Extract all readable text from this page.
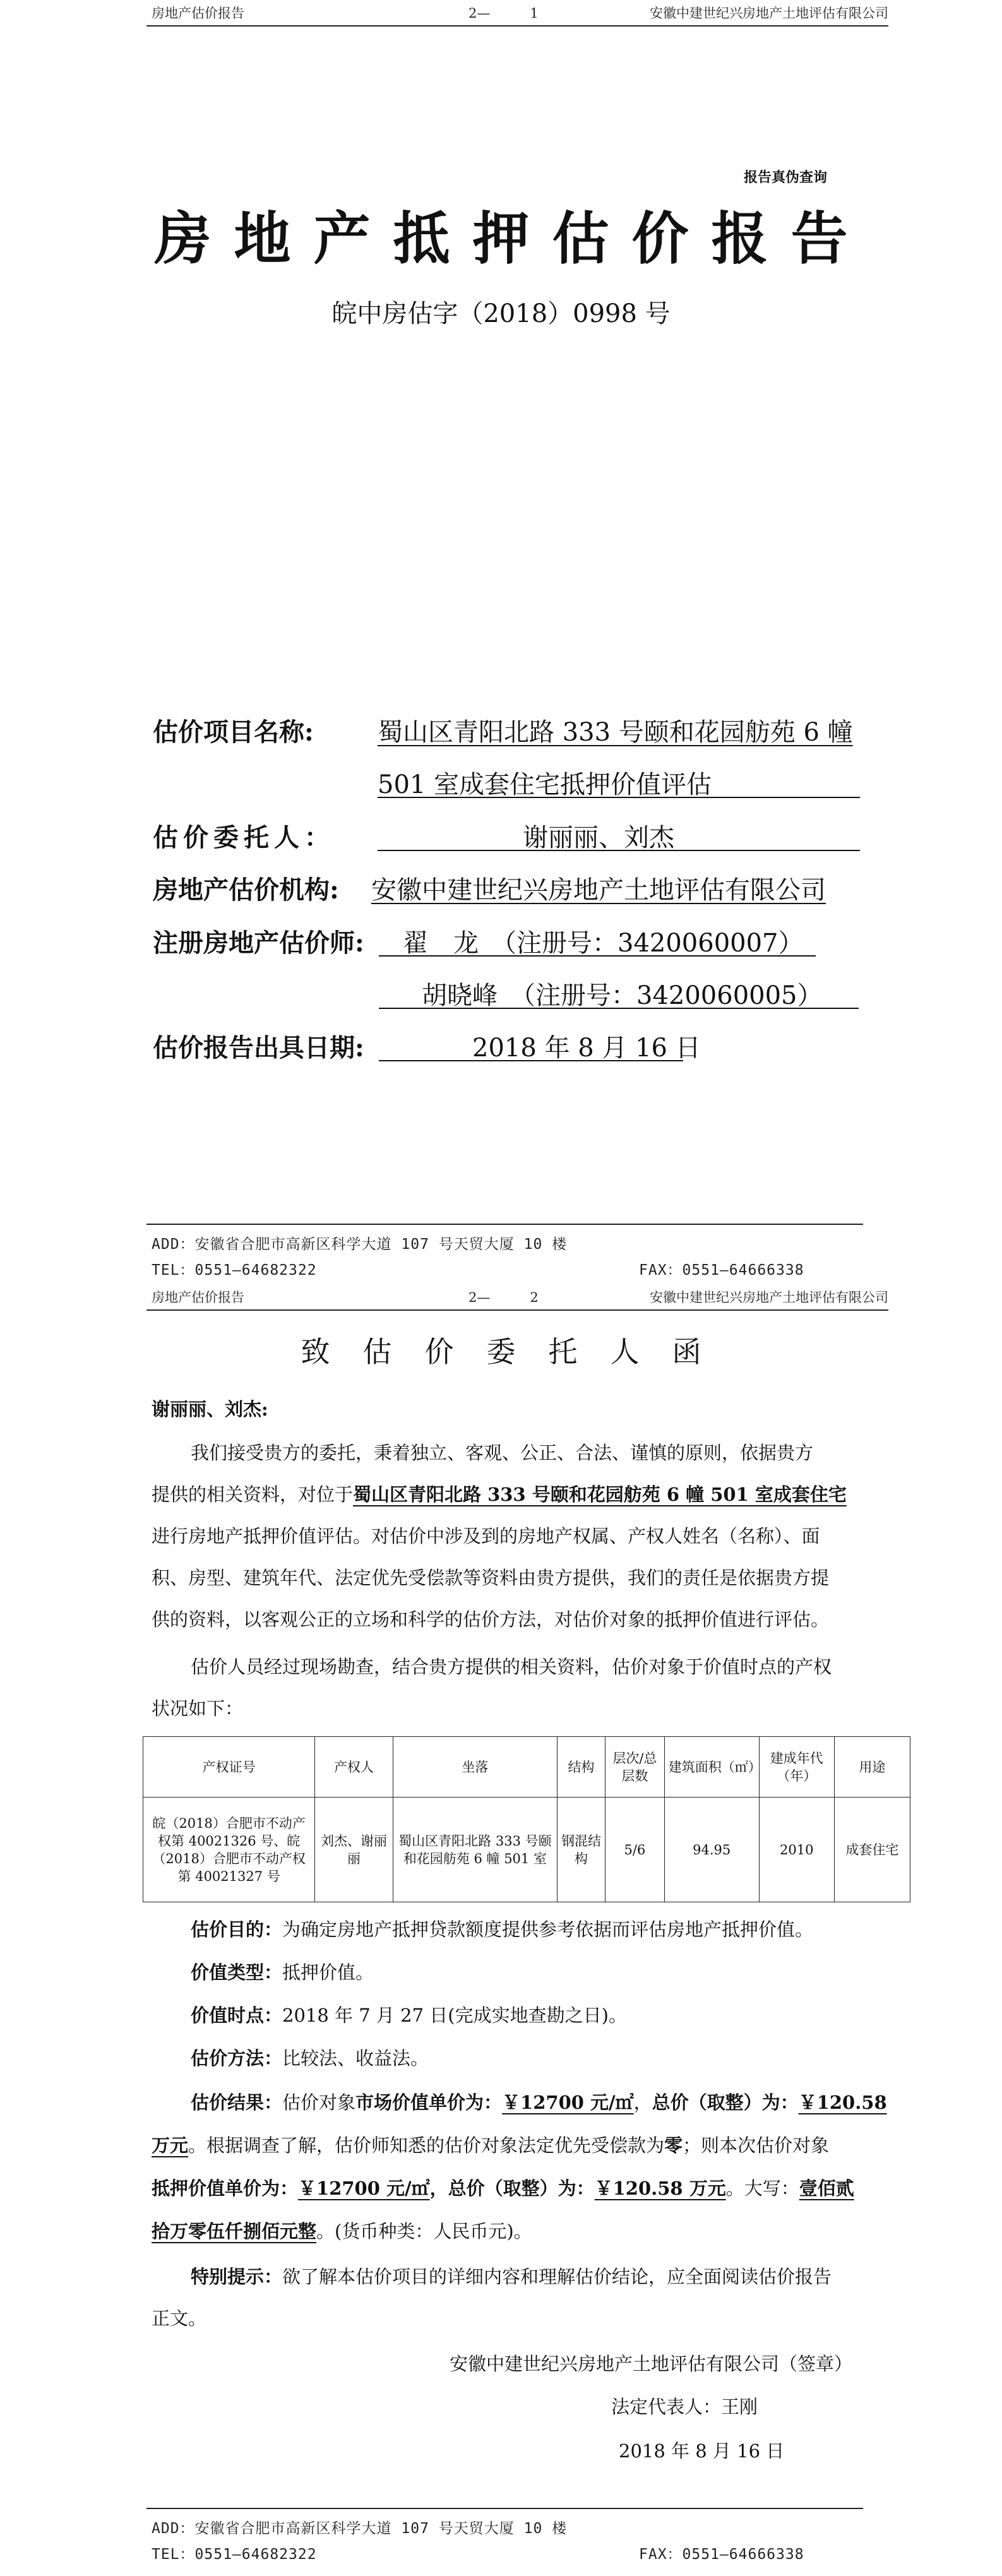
房地产估价报告	2—　　　1	安徽中建世纪兴房地产土地评估有限公司
报告真伪查询
房地产抵押估价报告
皖中房估字（2018）0998 号
估价项目名称:	蜀山区青阳北路 333 号颐和花园舫苑 6 幢
501 室成套住宅抵押价值评估
估价委托人：	谢丽丽、刘杰
房地产估价机构: 安徽中建世纪兴房地产土地评估有限公司
注册房地产估价师: 翟　龙　（注册号：3420060007）
胡晓峰　（注册号：3420060005）
估价报告出具日期:	2018 年 8 月 16 日
ADD：安徽省合肥市高新区科学大道 107 号天贸大厦 10 楼
TEL：0551—64682322	FAX：0551—64666338
房地产估价报告	2—　　　2	安徽中建世纪兴房地产土地评估有限公司
致估价委托人函
谢丽丽、刘杰:
我们接受贵方的委托，秉着独立、客观、公正、合法、谨慎的原则，依据贵方
提供的相关资料，对位于蜀山区青阳北路 333 号颐和花园舫苑 6 幢 501 室成套住宅
进行房地产抵押价值评估。对估价中涉及到的房地产权属、产权人姓名（名称）、面
积、房型、建筑年代、法定优先受偿款等资料由贵方提供，我们的责任是依据贵方提
供的资料，以客观公正的立场和科学的估价方法，对估价对象的抵押价值进行评估。
估价人员经过现场勘查，结合贵方提供的相关资料，估价对象于价值时点的产权
状况如下：
产权证号	产权人	坐落	结构	层次/总层数	建筑面积（㎡）	建成年代（年）	用途
皖（2018）合肥市不动产权第 40021326 号、皖（2018）合肥市不动产权第 40021327 号	刘杰、谢丽丽	蜀山区青阳北路 333 号颐和花园舫苑 6 幢 501 室	钢混结构	5/6	94.95	2010	成套住宅
估价目的：为确定房地产抵押贷款额度提供参考依据而评估房地产抵押价值。
价值类型：抵押价值。
价值时点：2018 年 7 月 27 日(完成实地查勘之日)。
估价方法：比较法、收益法。
估价结果：估价对象市场价值单价为：￥12700 元/㎡，总价（取整）为：￥120.58
万元。根据调查了解，估价师知悉的估价对象法定优先受偿款为零；则本次估价对象
抵押价值单价为：￥12700 元/㎡，总价（取整）为：￥120.58 万元。大写：壹佰贰
拾万零伍仟捌佰元整。(货币种类：人民币元)。
特别提示：欲了解本估价项目的详细内容和理解估价结论，应全面阅读估价报告
正文。
安徽中建世纪兴房地产土地评估有限公司（签章）
法定代表人：王刚
2018 年 8 月 16 日
ADD：安徽省合肥市高新区科学大道 107 号天贸大厦 10 楼
TEL：0551—64682322	FAX：0551—64666338
